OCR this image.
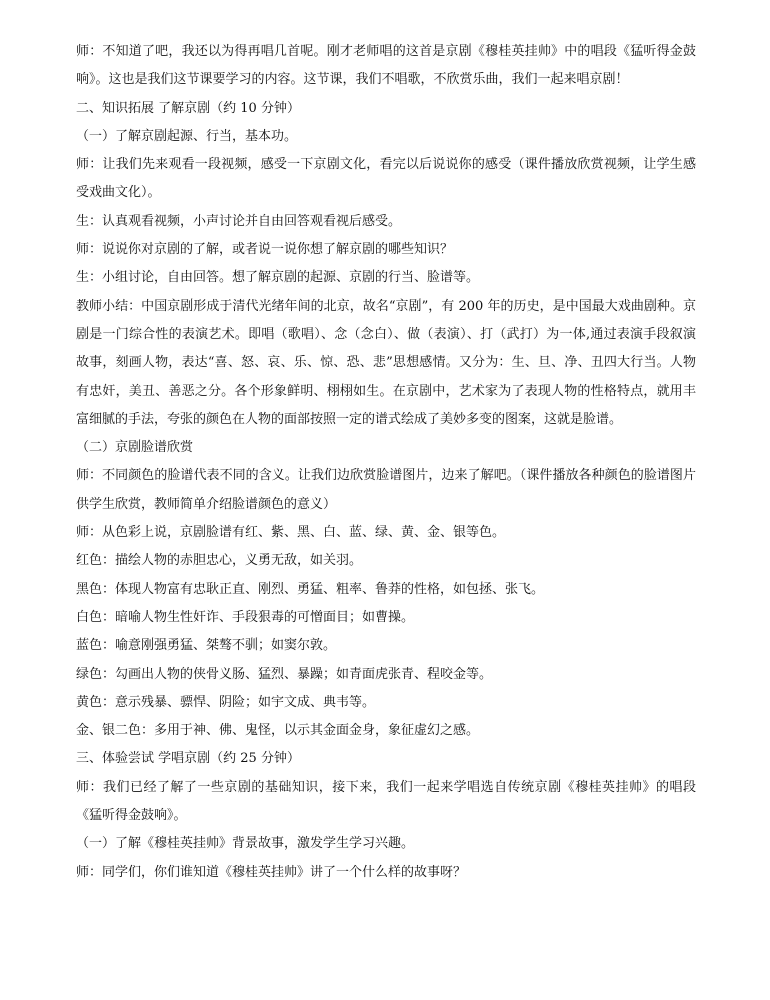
师：不知道了吧，我还以为得再唱几首呢。刚才老师唱的这首是京剧《穆桂英挂帅》中的唱段《猛听得金鼓响》。这也是我们这节课要学习的内容。这节课，我们不唱歌，不欣赏乐曲，我们一起来唱京剧！

二、知识拓展 了解京剧（约 10 分钟）

（一）了解京剧起源、行当，基本功。

师：让我们先来观看一段视频，感受一下京剧文化，看完以后说说你的感受（课件播放欣赏视频，让学生感受戏曲文化）。

生：认真观看视频，小声讨论并自由回答观看视后感受。

师：说说你对京剧的了解，或者说一说你想了解京剧的哪些知识？

生：小组讨论，自由回答。想了解京剧的起源、京剧的行当、脸谱等。

教师小结：中国京剧形成于清代光绪年间的北京，故名“京剧”，有 200 年的历史，是中国最大戏曲剧种。京剧是一门综合性的表演艺术。即唱（歌唱）、念（念白）、做（表演）、打（武打）为一体,通过表演手段叙演故事，刻画人物，表达“喜、怒、哀、乐、惊、恐、悲”思想感情。又分为：生、旦、净、丑四大行当。人物有忠奸，美丑、善恶之分。各个形象鲜明、栩栩如生。在京剧中，艺术家为了表现人物的性格特点，就用丰富细腻的手法，夸张的颜色在人物的面部按照一定的谱式绘成了美妙多变的图案，这就是脸谱。

（二）京剧脸谱欣赏

师：不同颜色的脸谱代表不同的含义。让我们边欣赏脸谱图片，边来了解吧。（课件播放各种颜色的脸谱图片供学生欣赏，教师简单介绍脸谱颜色的意义）

师：从色彩上说，京剧脸谱有红、紫、黑、白、蓝、绿、黄、金、银等色。

红色：描绘人物的赤胆忠心，义勇无敌，如关羽。

黑色：体现人物富有忠耿正直、刚烈、勇猛、粗率、鲁莽的性格，如包拯、张飞。

白色：暗喻人物生性奸诈、手段狠毒的可憎面目；如曹操。

蓝色：喻意刚强勇猛、桀骜不驯；如窦尔敦。

绿色：勾画出人物的侠骨义肠、猛烈、暴躁；如青面虎张青、程咬金等。

黄色：意示残暴、骠悍、阴险；如宇文成、典韦等。

金、银二色：多用于神、佛、鬼怪，以示其金面金身，象征虚幻之感。

三、体验尝试 学唱京剧（约 25 分钟）

师：我们已经了解了一些京剧的基础知识，接下来，我们一起来学唱选自传统京剧《穆桂英挂帅》的唱段《猛听得金鼓响》。

（一）了解《穆桂英挂帅》背景故事，激发学生学习兴趣。

师：同学们，你们谁知道《穆桂英挂帅》讲了一个什么样的故事呀？
